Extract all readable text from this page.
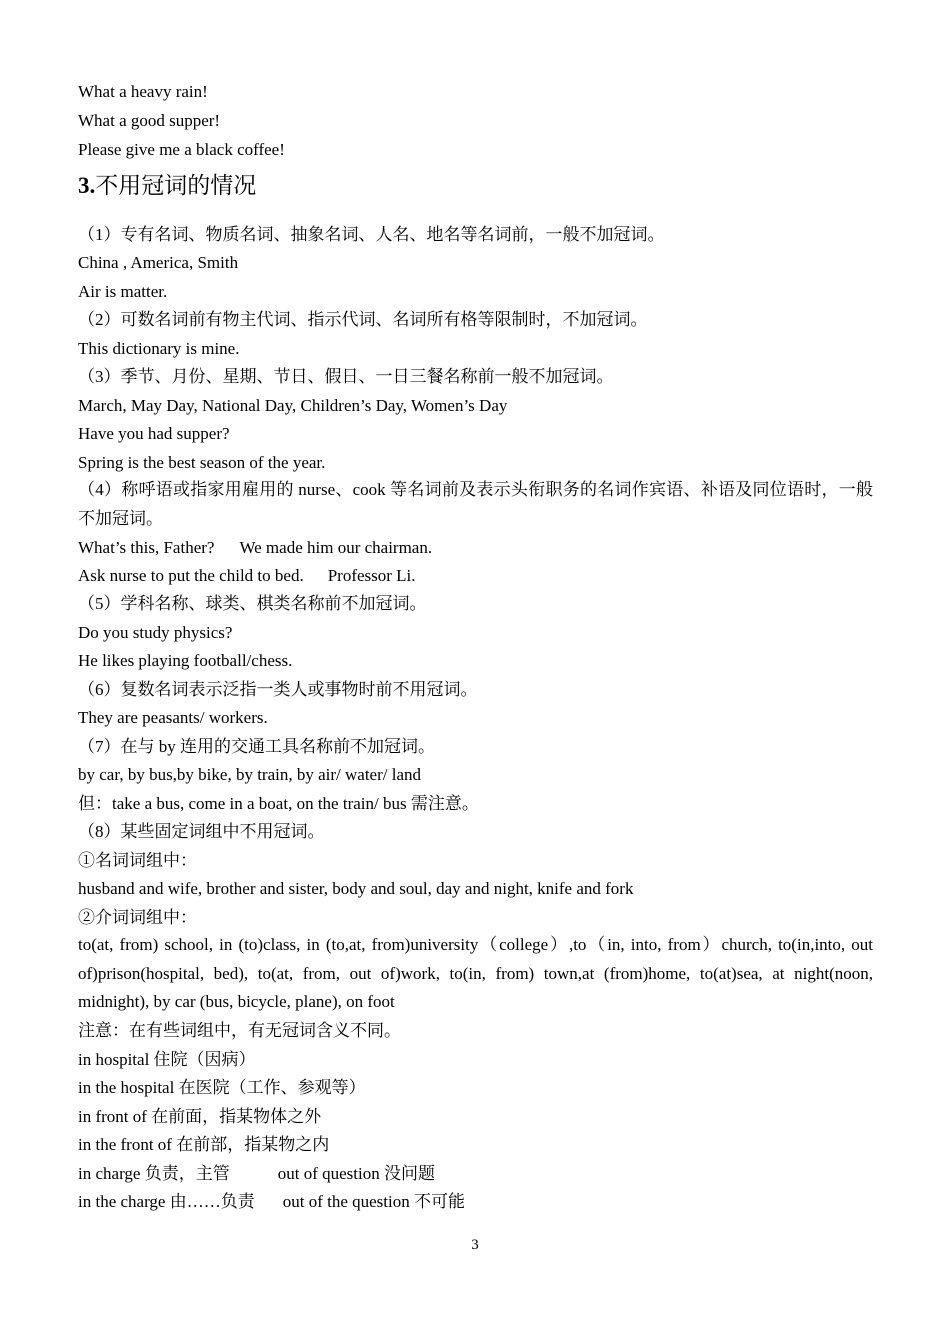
What a heavy rain!
What a good supper!
Please give me a black coffee!
3.不用冠词的情况
（1）专有名词、物质名词、抽象名词、人名、地名等名词前，一般不加冠词。
China , America, Smith
Air is matter.
（2）可数名词前有物主代词、指示代词、名词所有格等限制时，不加冠词。
This dictionary is mine.
（3）季节、月份、星期、节日、假日、一日三餐名称前一般不加冠词。
March, May Day, National Day, Children’s Day, Women’s Day
Have you had supper?
Spring is the best season of the year.
（4）称呼语或指家用雇用的 nurse、cook 等名词前及表示头衔职务的名词作宾语、补语及同位语时，一般不加冠词。
What’s this, Father? We made him our chairman.
Ask nurse to put the child to bed. Professor Li.
（5）学科名称、球类、棋类名称前不加冠词。
Do you study physics?
He likes playing football/chess.
（6）复数名词表示泛指一类人或事物时前不用冠词。
They are peasants/ workers.
（7）在与 by 连用的交通工具名称前不加冠词。
by car, by bus,by bike, by train, by air/ water/ land
但：take a bus, come in a boat, on the train/ bus 需注意。
（8）某些固定词组中不用冠词。
①名词词组中：
husband and wife, brother and sister, body and soul, day and night, knife and fork
②介词词组中：
to(at, from) school, in (to)class, in (to,at, from)university（college）,to（in, into, from）church, to(in,into, out of)prison(hospital, bed), to(at, from, out of)work, to(in, from) town,at (from)home, to(at)sea, at night(noon, midnight), by car (bus, bicycle, plane), on foot
注意：在有些词组中，有无冠词含义不同。
in hospital 住院（因病）
in the hospital 在医院（工作、参观等）
in front of 在前面，指某物体之外
in the front of 在前部，指某物之内
in charge 负责，主管	out of question 没问题
in the charge 由……负责 out of the question 不可能
3
